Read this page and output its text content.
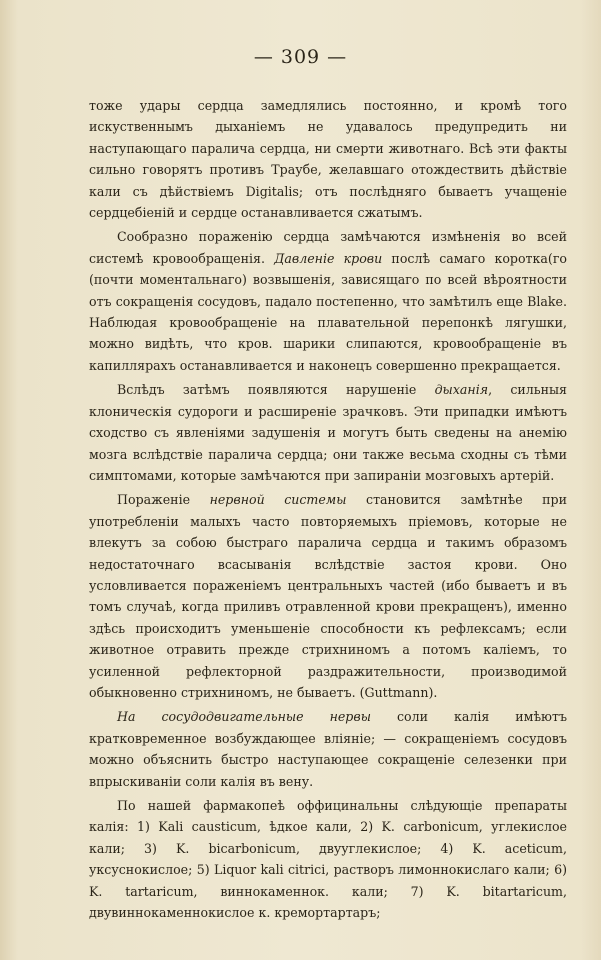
— 309 —

тоже удары сердца замедлялись постоянно, и кромѣ того искуственнымъ дыханіемъ не удавалось предупредить ни наступающаго паралича сердца, ни смерти животнаго. Всѣ эти факты сильно говорятъ противъ Траубе, желавшаго отождествить дѣйствіе кали съ дѣйствіемъ Digitalis; отъ послѣдняго бываетъ учащеніе сердцебіеній и сердце останавливается сжатымъ.

Сообразно пораженію сердца замѣчаются измѣненія во всей системѣ кровообращенія. Давленіе крови послѣ самаго коротка(го (почти моментальнаго) возвышенія, зависящаго по всей вѣроятности отъ сокращенія сосудовъ, падало постепенно, что замѣтилъ еще Blake. Наблюдая кровообращеніе на плавательной перепонкѣ лягушки, можно видѣть, что кров. шарики слипаются, кровообращеніе въ капиллярахъ останавливается и наконецъ совершенно прекращается.

Вслѣдъ затѣмъ появляются нарушеніе дыханія, сильныя клоническія судороги и расширеніе зрачковъ. Эти припадки имѣютъ сходство съ явленіями задушенія и могутъ быть сведены на анемію мозга вслѣдствіе паралича сердца; они также весьма сходны съ тѣми симптомами, которые замѣчаются при запираніи мозговыхъ артерій.

Пораженіе нервной системы становится замѣтнѣе при употребленіи малыхъ часто повторяемыхъ пріемовъ, которые не влекутъ за собою быстраго паралича сердца и такимъ образомъ недостаточнаго всасыванія вслѣдствіе застоя крови. Оно условливается пораженіемъ центральныхъ частей (ибо бываетъ и въ томъ случаѣ, когда приливъ отравленной крови прекращенъ), именно здѣсь происходитъ уменьшеніе способности къ рефлексамъ; если животное отравить прежде стрихниномъ а потомъ каліемъ, то усиленной рефлекторной раздражительности, производимой обыкновенно стрихниномъ, не бываетъ. (Guttmann).

На сосудодвигательные нервы соли калія имѣютъ кратковременное возбуждающее вліяніе; — сокращеніемъ сосудовъ можно объяснить быстро наступающее сокращеніе селезенки при впрыскиваніи соли калія въ вену.

По нашей фармакопеѣ оффицинальны слѣдующіе препараты калія: 1) Kali causticum, ѣдкое кали, 2) K. carbonicum, углекислое кали; 3) K. bicarbonicum, двууглекислое; 4) K. aceticum, уксуснокислое; 5) Liquor kali citrici, растворъ лимоннокислаго кали; 6) K. tartaricum, виннокаменнок. кали; 7) K. bitartaricum, двувиннокаменнокислое к. кремортартаръ;
